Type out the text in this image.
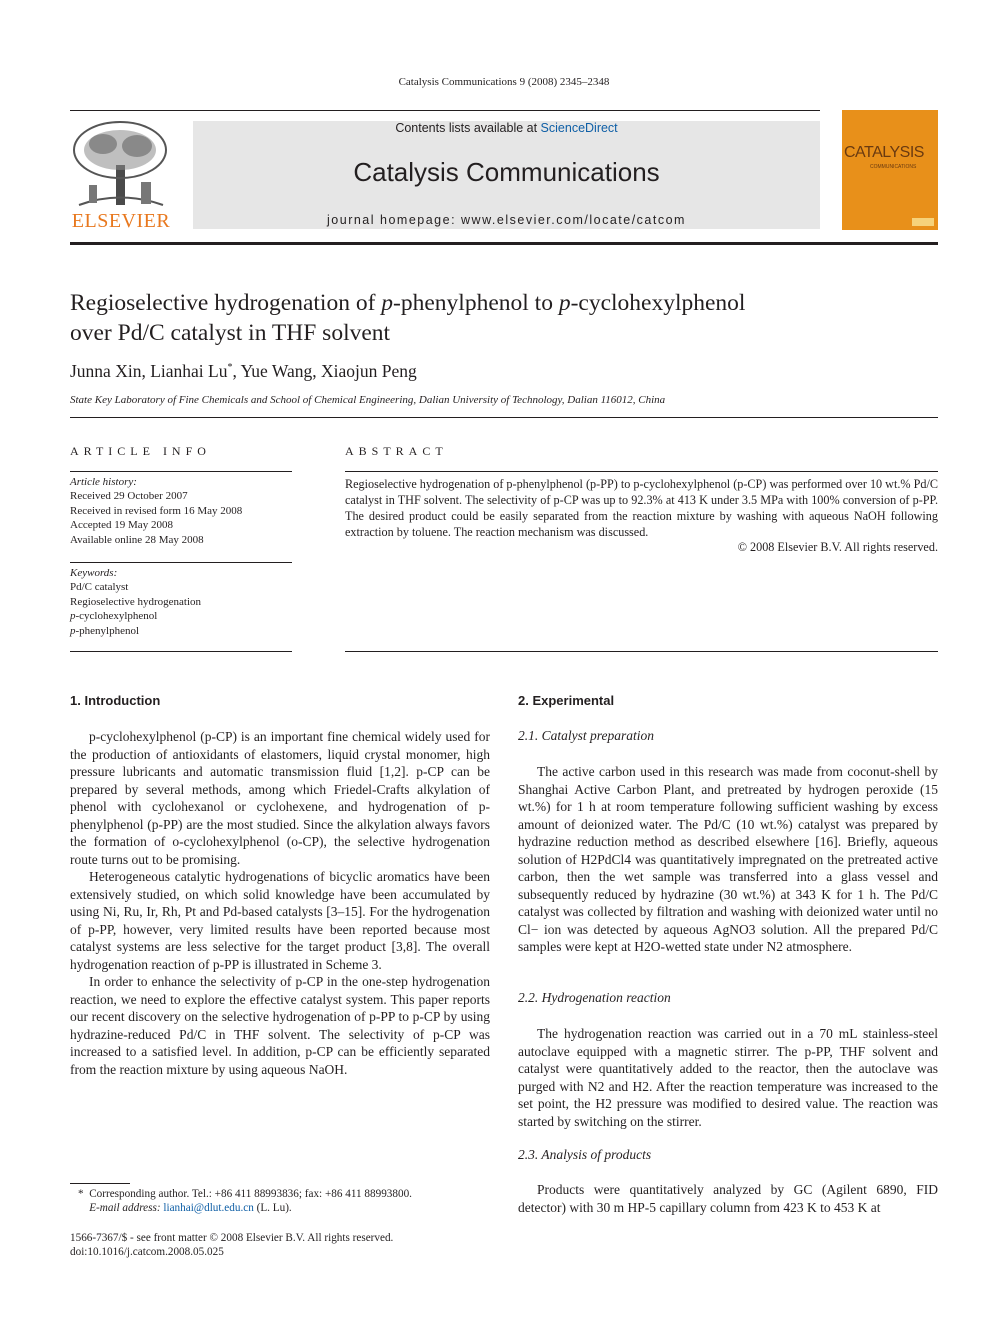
Catalysis Communications 9 (2008) 2345–2348
ELSEVIER
Contents lists available at ScienceDirect
Catalysis Communications
journal homepage: www.elsevier.com/locate/catcom
CATALYSIS
COMMUNICATIONS
Regioselective hydrogenation of p-phenylphenol to p-cyclohexylphenol
over Pd/C catalyst in THF solvent
Junna Xin, Lianhai Lu*, Yue Wang, Xiaojun Peng
State Key Laboratory of Fine Chemicals and School of Chemical Engineering, Dalian University of Technology, Dalian 116012, China
ARTICLE INFO
Article history:
Received 29 October 2007
Received in revised form 16 May 2008
Accepted 19 May 2008
Available online 28 May 2008
Keywords:
Pd/C catalyst
Regioselective hydrogenation
p-cyclohexylphenol
p-phenylphenol
ABSTRACT
Regioselective hydrogenation of p-phenylphenol (p-PP) to p-cyclohexylphenol (p-CP) was performed over 10 wt.% Pd/C catalyst in THF solvent. The selectivity of p-CP was up to 92.3% at 413 K under 3.5 MPa with 100% conversion of p-PP. The desired product could be easily separated from the reaction mixture by washing with aqueous NaOH following extraction by toluene. The reaction mechanism was discussed.
© 2008 Elsevier B.V. All rights reserved.
1. Introduction

p-cyclohexylphenol (p-CP) is an important fine chemical widely used for the production of antioxidants of elastomers, liquid crystal monomer, high pressure lubricants and automatic transmission fluid [1,2]. p-CP can be prepared by several methods, among which Friedel-Crafts alkylation of phenol with cyclohexanol or cyclohexene, and hydrogenation of p-phenylphenol (p-PP) are the most studied. Since the alkylation always favors the formation of o-cyclohexylphenol (o-CP), the selective hydrogenation route turns out to be promising.

Heterogeneous catalytic hydrogenations of bicyclic aromatics have been extensively studied, on which solid knowledge have been accumulated by using Ni, Ru, Ir, Rh, Pt and Pd-based catalysts [3–15]. For the hydrogenation of p-PP, however, very limited results have been reported because most catalyst systems are less selective for the target product [3,8]. The overall hydrogenation reaction of p-PP is illustrated in Scheme 3.

In order to enhance the selectivity of p-CP in the one-step hydrogenation reaction, we need to explore the effective catalyst system. This paper reports our recent discovery on the selective hydrogenation of p-PP to p-CP by using hydrazine-reduced Pd/C in THF solvent. The selectivity of p-CP was increased to a satisfied level. In addition, p-CP can be efficiently separated from the reaction mixture by using aqueous NaOH.

2. Experimental
2.1. Catalyst preparation

The active carbon used in this research was made from coconut-shell by Shanghai Active Carbon Plant, and pretreated by hydrogen peroxide (15 wt.%) for 1 h at room temperature following sufficient washing by excess amount of deionized water. The Pd/C (10 wt.%) catalyst was prepared by hydrazine reduction method as described elsewhere [16]. Briefly, aqueous solution of H2PdCl4 was quantitatively impregnated on the pretreated active carbon, then the wet sample was transferred into a glass vessel and subsequently reduced by hydrazine (30 wt.%) at 343 K for 1 h. The Pd/C catalyst was collected by filtration and washing with deionized water until no Cl− ion was detected by aqueous AgNO3 solution. All the prepared Pd/C samples were kept at H2O-wetted state under N2 atmosphere.

2.2. Hydrogenation reaction

The hydrogenation reaction was carried out in a 70 mL stainless-steel autoclave equipped with a magnetic stirrer. The p-PP, THF solvent and catalyst were quantitatively added to the reactor, then the autoclave was purged with N2 and H2. After the reaction temperature was increased to the set point, the H2 pressure was modified to desired value. The reaction was started by switching on the stirrer.

2.3. Analysis of products

Products were quantitatively analyzed by GC (Agilent 6890, FID detector) with 30 m HP-5 capillary column from 423 K to 453 K at

* Corresponding author. Tel.: +86 411 88993836; fax: +86 411 88993800.
E-mail address: lianhai@dlut.edu.cn (L. Lu).
1566-7367/$ - see front matter © 2008 Elsevier B.V. All rights reserved.
doi:10.1016/j.catcom.2008.05.025
